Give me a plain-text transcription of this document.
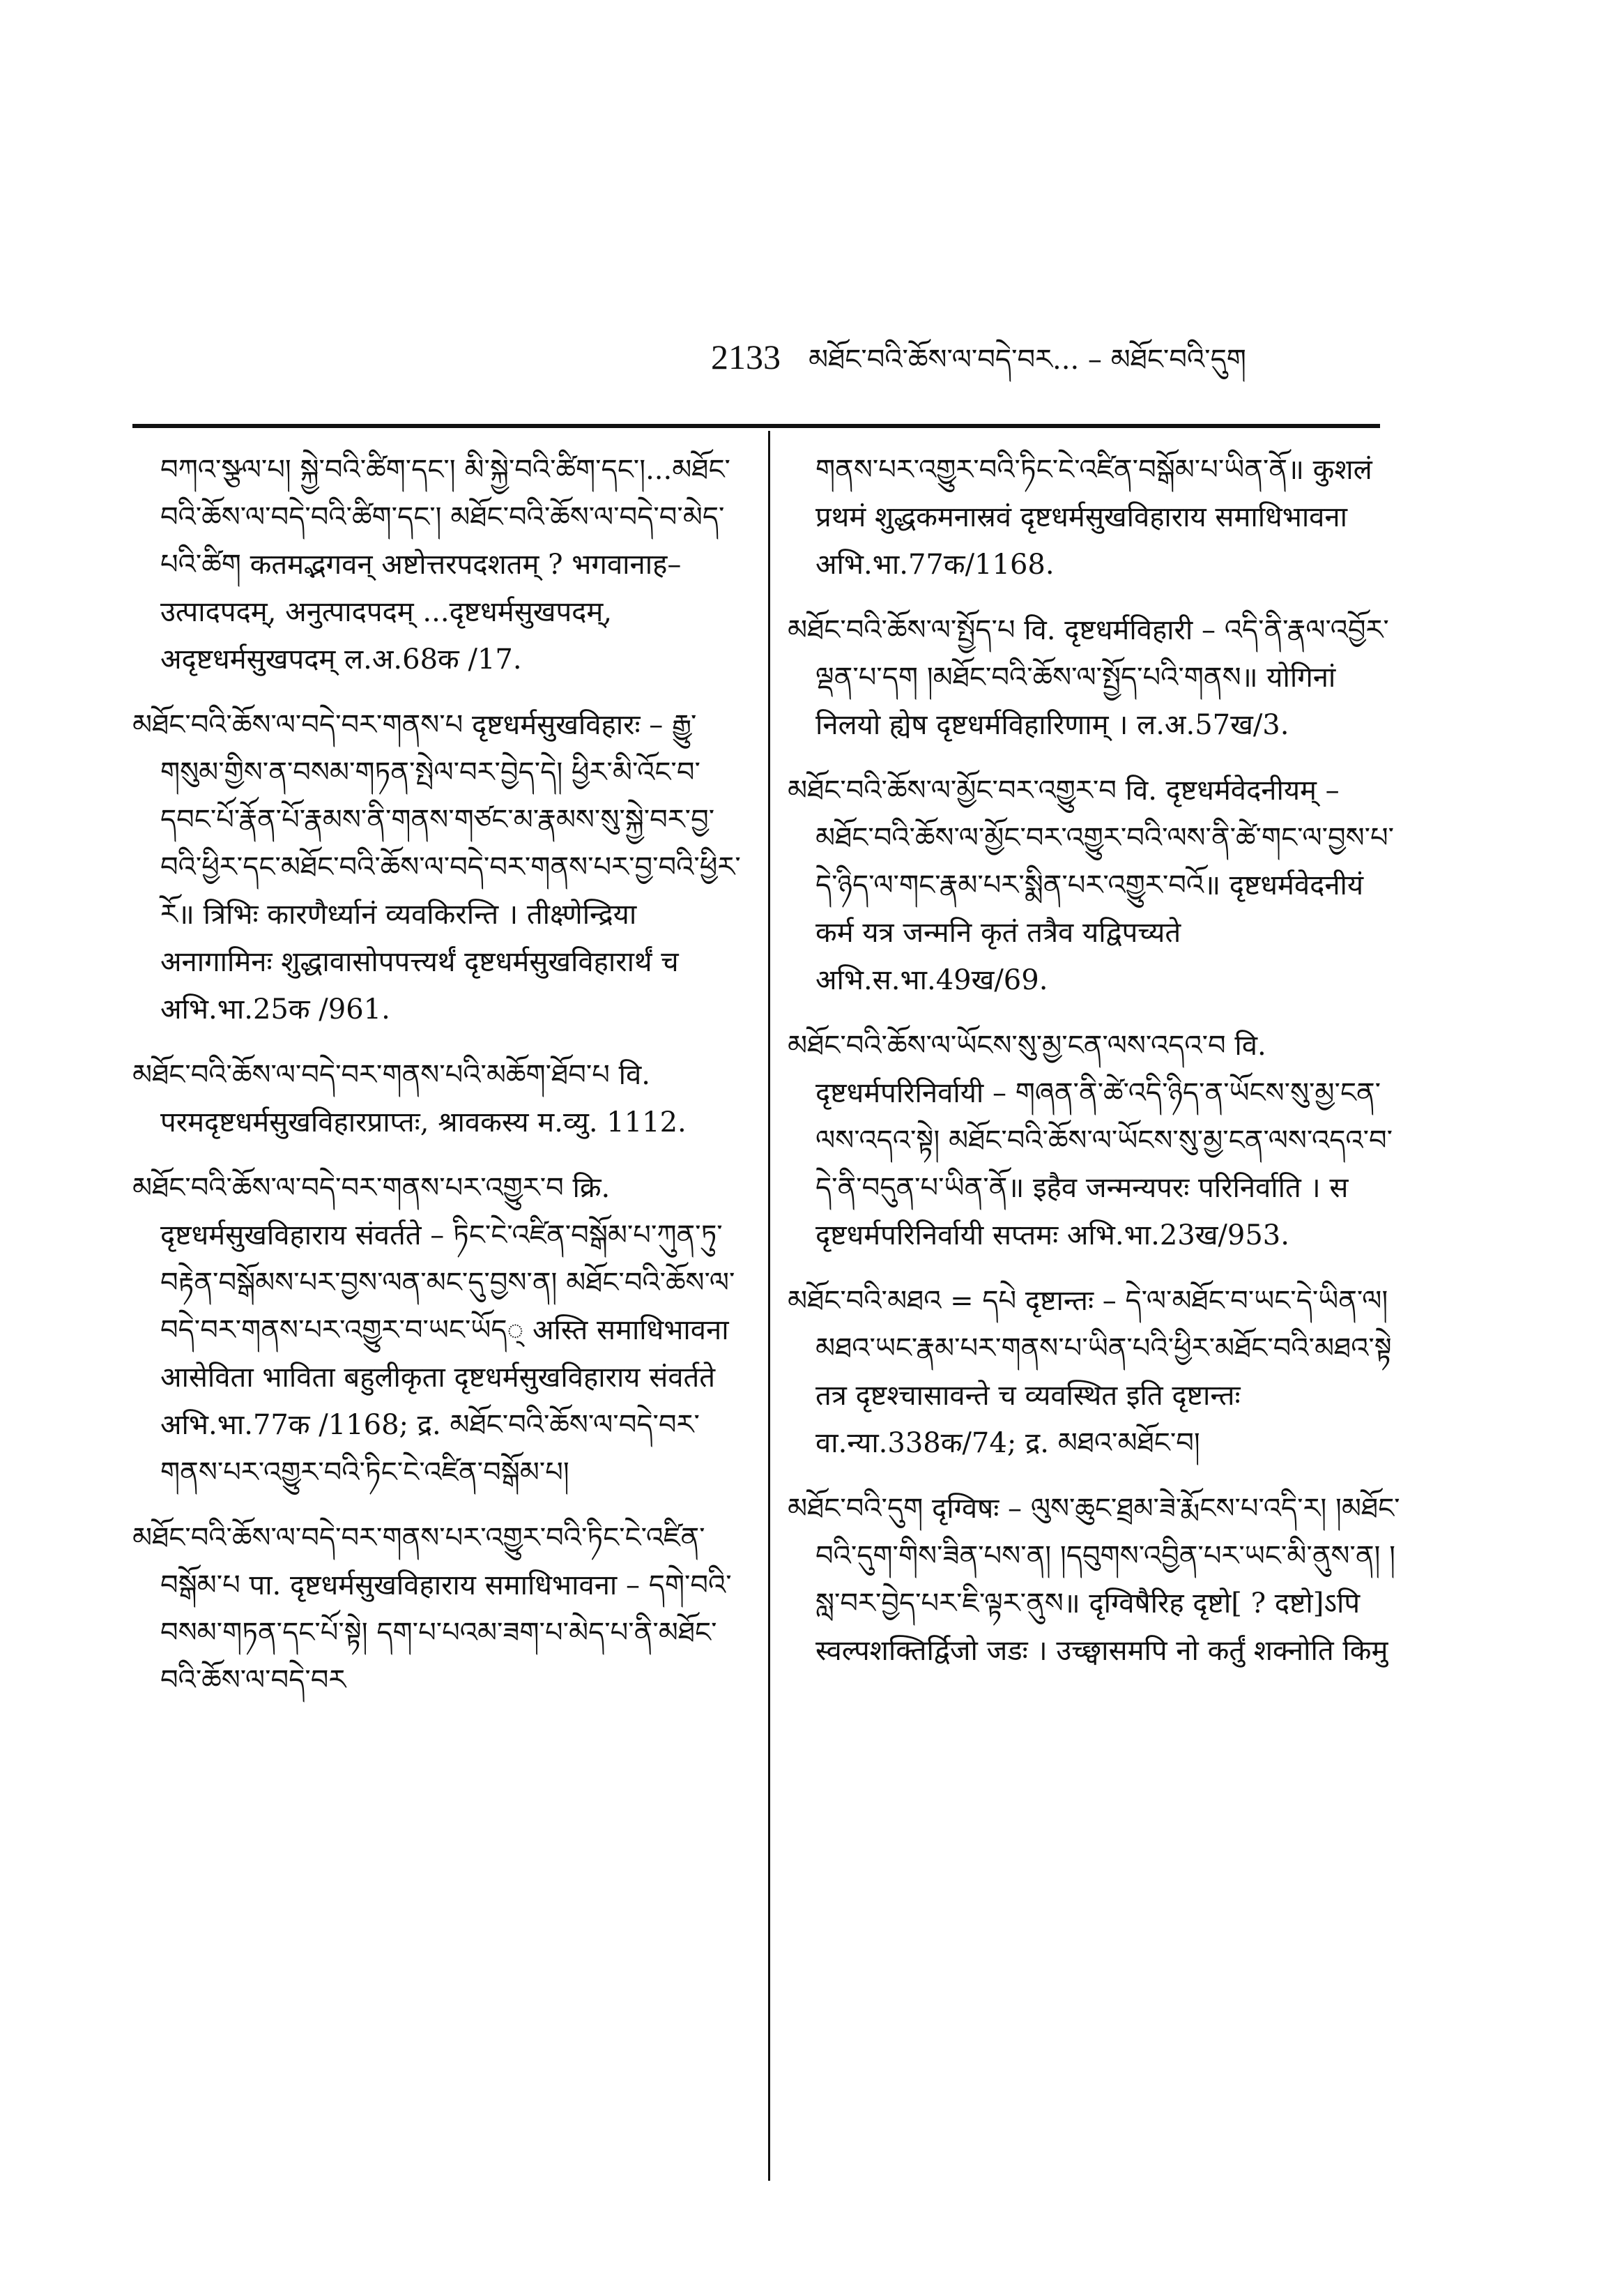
2133 མཐོང་བའི་ཆོས་ལ་བདེ་བར... – མཐོང་བའི་དུག

བཀའ་སྩལ་པ། སྐྱེ་བའི་ཚིག་དང་། མི་སྐྱེ་བའི་ཚིག་དང་།...མཐོང་བའི་ཆོས་ལ་བདེ་བའི་ཚིག་དང་། མཐོང་བའི་ཆོས་ལ་བདེ་བ་མེད་པའི་ཚིག कतमद्भगवन् अष्टोत्तरपदशतम् ? भगवानाह–उत्पादपदम्, अनुत्पादपदम् ...दृष्टधर्मसुखपदम्, अदृष्टधर्मसुखपदम् ल.अ.68क /17.

མཐོང་བའི་ཆོས་ལ་བདེ་བར་གནས་པ दृष्टधर्मसुखविहारः – རྒྱུ་གསུམ་གྱིས་ན་བསམ་གཏན་སྤེལ་བར་བྱེད་དེ། ཕྱིར་མི་འོང་བ་དབང་པོ་རྣོན་པོ་རྣམས་ནི་གནས་གཙང་མ་རྣམས་སུ་སྐྱེ་བར་བྱ་བའི་ཕྱིར་དང་མཐོང་བའི་ཆོས་ལ་བདེ་བར་གནས་པར་བྱ་བའི་ཕྱིར་རོ॥ त्रिभिः कारणैर्ध्यानं व्यवकिरन्ति । तीक्ष्णेन्द्रिया अनागामिनः शुद्धावासोपपत्त्यर्थं दृष्टधर्मसुखविहारार्थं च अभि.भा.25क /961.

མཐོང་བའི་ཆོས་ལ་བདེ་བར་གནས་པའི་མཆོག་ཐོབ་པ वि. परमदृष्टधर्मसुखविहारप्राप्तः, श्रावकस्य म.व्यु. 1112.

མཐོང་བའི་ཆོས་ལ་བདེ་བར་གནས་པར་འགྱུར་བ क्रि. दृष्टधर्मसुखविहाराय संवर्तते – ཏིང་ངེ་འཛིན་བསྒོམ་པ་ཀུན་ཏུ་བརྟེན་བསྒོམས་པར་བྱས་ལན་མང་དུ་བྱས་ན། མཐོང་བའི་ཆོས་ལ་བདེ་བར་གནས་པར་འགྱུར་བ་ཡང་ཡོད् अस्ति समाधिभावना आसेविता भाविता बहुलीकृता दृष्टधर्मसुखविहाराय संवर्तते अभि.भा.77क /1168; द्र. མཐོང་བའི་ཆོས་ལ་བདེ་བར་གནས་པར་འགྱུར་བའི་ཏིང་ངེ་འཛིན་བསྒོམ་པ།

མཐོང་བའི་ཆོས་ལ་བདེ་བར་གནས་པར་འགྱུར་བའི་ཏིང་ངེ་འཛིན་བསྒོམ་པ पा. दृष्टधर्मसुखविहाराय समाधिभावना – དགེ་བའི་བསམ་གཏན་དང་པོ་སྟེ། དག་པ་པའམ་ཟག་པ་མེད་པ་ནི་མཐོང་བའི་ཆོས་ལ་བདེ་བར

གནས་པར་འགྱུར་བའི་ཏིང་ངེ་འཛིན་བསྒོམ་པ་ཡིན་ནོ॥ कुशलं प्रथमं शुद्धकमनास्रवं दृष्टधर्मसुखविहाराय समाधिभावना अभि.भा.77क/1168.

མཐོང་བའི་ཆོས་ལ་སྤྱོད་པ वि. दृष्टधर्मविहारी – འདི་ནི་རྣལ་འབྱོར་ལྡན་པ་དག །མཐོང་བའི་ཆོས་ལ་སྤྱོད་པའི་གནས॥ योगिनां निलयो ह्येष दृष्टधर्मविहारिणाम् । ल.अ.57ख/3.

མཐོང་བའི་ཆོས་ལ་མྱོང་བར་འགྱུར་བ वि. दृष्टधर्मवेदनीयम् – མཐོང་བའི་ཆོས་ལ་མྱོང་བར་འགྱུར་བའི་ལས་ནི་ཚེ་གང་ལ་བྱས་པ་དེ་ཉིད་ལ་གང་རྣམ་པར་སྨིན་པར་འགྱུར་བའོ॥ दृष्टधर्मवेदनीयं कर्म यत्र जन्मनि कृतं तत्रैव यद्विपच्यते अभि.स.भा.49ख/69.

མཐོང་བའི་ཆོས་ལ་ཡོངས་སུ་མྱ་ངན་ལས་འདའ་བ वि. दृष्टधर्मपरिनिर्वायी – གཞན་ནི་ཚེ་འདི་ཉིད་ན་ཡོངས་སུ་མྱ་ངན་ལས་འདའ་སྟེ། མཐོང་བའི་ཆོས་ལ་ཡོངས་སུ་མྱ་ངན་ལས་འདའ་བ་དེ་ནི་བདུན་པ་ཡིན་ནོ॥ इहैव जन्मन्यपरः परिनिर्वाति । स दृष्टधर्मपरिनिर्वायी सप्तमः अभि.भा.23ख/953.

མཐོང་བའི་མཐའ = དཔེ दृष्टान्तः – དེ་ལ་མཐོང་བ་ཡང་དེ་ཡིན་ལ། མཐའ་ཡང་རྣམ་པར་གནས་པ་ཡིན་པའི་ཕྱིར་མཐོང་བའི་མཐའ་སྟེ तत्र दृष्टश्चासावन्ते च व्यवस्थित इति दृष्टान्तः वा.न्या.338क/74; द्र. མཐའ་མཐོང་བ།

མཐོང་བའི་དུག दृग्विषः – ལུས་ཆུང་ཐྲམ་ཟེ་རྨོངས་པ་འདི་ར། །མཐོང་བའི་དུག་གིས་ཟིན་པས་ན། །དབུགས་འབྱིན་པར་ཡང་མི་ནུས་ན། །སླ་བར་བྱེད་པར་ཇི་ལྟར་ནུས॥ दृग्विषैरिह दृष्टो[ ? दष्टो]ऽपि स्वल्पशक्तिर्द्विजो जडः । उच्छ्वासमपि नो कर्तुं शक्नोति किमु
